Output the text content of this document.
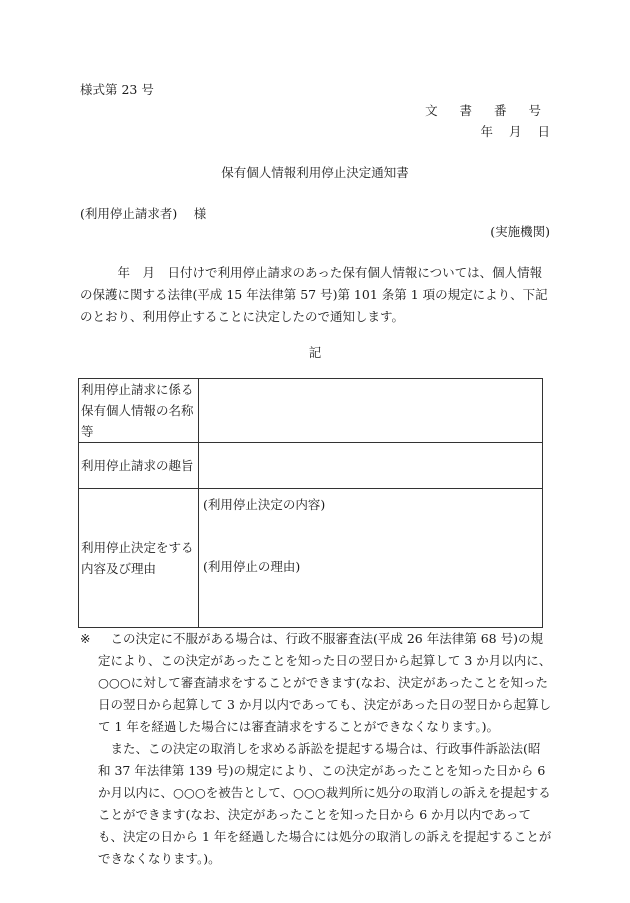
様式第 23 号
文 書 番 号
年 月 日
保有個人情報利用停止決定通知書
(利用停止請求者)　 様
(実施機関)
年　月　日付けで利用停止請求のあった保有個人情報については、個人情報の保護に関する法律(平成 15 年法律第 57 号)第 101 条第 1 項の規定により、下記のとおり、利用停止することに決定したので通知します。
記
利用停止請求に係る保有個人情報の名称等	
利用停止請求の趣旨	
利用停止決定をする内容及び理由	(利用停止決定の内容)
(利用停止の理由)
※	この決定に不服がある場合は、行政不服審査法(平成 26 年法律第 68 号)の規定により、この決定があったことを知った日の翌日から起算して 3 か月以内に、○○○に対して審査請求をすることができます(なお、決定があったことを知った日の翌日から起算して 3 か月以内であっても、決定があった日の翌日から起算して 1 年を経過した場合には審査請求をすることができなくなります。)。

また、この決定の取消しを求める訴訟を提起する場合は、行政事件訴訟法(昭和 37 年法律第 139 号)の規定により、この決定があったことを知った日から 6 か月以内に、○○○を被告として、○○○裁判所に処分の取消しの訴えを提起することができます(なお、決定があったことを知った日から 6 か月以内であっても、決定の日から 1 年を経過した場合には処分の取消しの訴えを提起することができなくなります。)。
